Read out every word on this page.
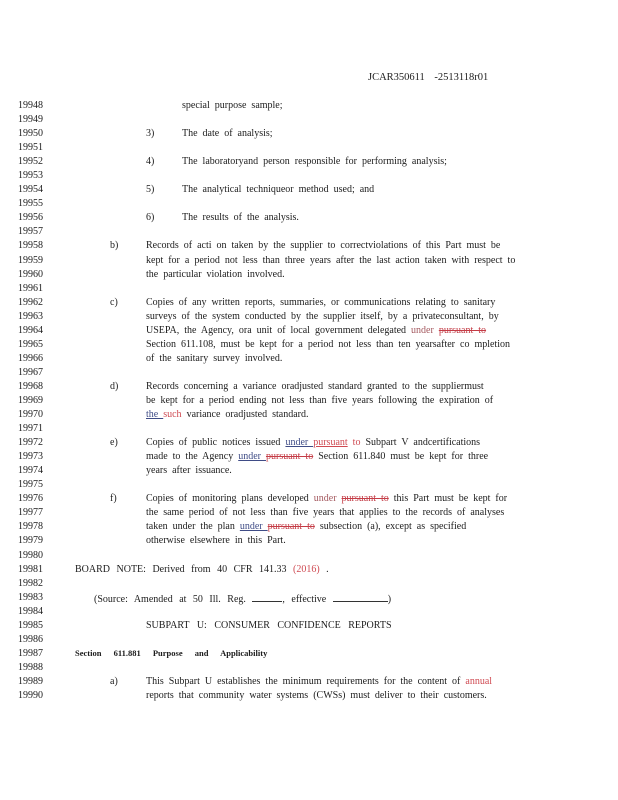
JCAR350611 -2513118r01
19948	special purpose sample;
19949
19950	3)	The date of analysis;
19951
19952	4)	The laboratoryand person responsible for performing analysis;
19953
19954	5)	The analytical techniqueor method used; and
19955
19956	6)	The results of the analysis.
19957
19958	b)	Records of acti on taken by the supplier to correctviolations of this Part must be
19959	kept for a period not less than three years after the last action taken with respect to
19960	the particular violation involved.
19961
19962	c)	Copies of any written reports, summaries, or communications relating to sanitary
19963	surveys of the system conducted by the supplier itself, by a privateconsultant, by
19964	USEPA, the Agency, ora unit of local government delegated under pursuant to
19965	Section 611.108, must be kept for a period not less than ten yearsafter co mpletion
19966	of the sanitary survey involved.
19967
19968	d)	Records concerning a variance oradjusted standard granted to the suppliermust
19969	be kept for a period ending not less than five years following the expiration of
19970	the such variance oradjusted standard.
19971
19972	e)	Copies of public notices issued under pursuant to Subpart V andcertifications
19973	made to the Agency under pursuant to Section 611.840 must be kept for three
19974	years after issuance.
19975
19976	f)	Copies of monitoring plans developed under pursuant to this Part must be kept for
19977	the same period of not less than five years that applies to the records of analyses
19978	taken under the plan under pursuant to subsection (a), except as specified
19979	otherwise elsewhere in this Part.
19980
19981	BOARD NOTE: Derived from 40 CFR 141.33 (2016) .
19982
19983	(Source: Amended at 50 Ill. Reg.	, effective	)
19984
19985	SUBPART U: CONSUMER CONFIDENCE REPORTS
19986
19987	Section 611.881 Purpose and Applicability
19988
19989	a)	This Subpart U establishes the minimum requirements for the content of annual
19990	reports that community water systems (CWSs) must deliver to their customers.
